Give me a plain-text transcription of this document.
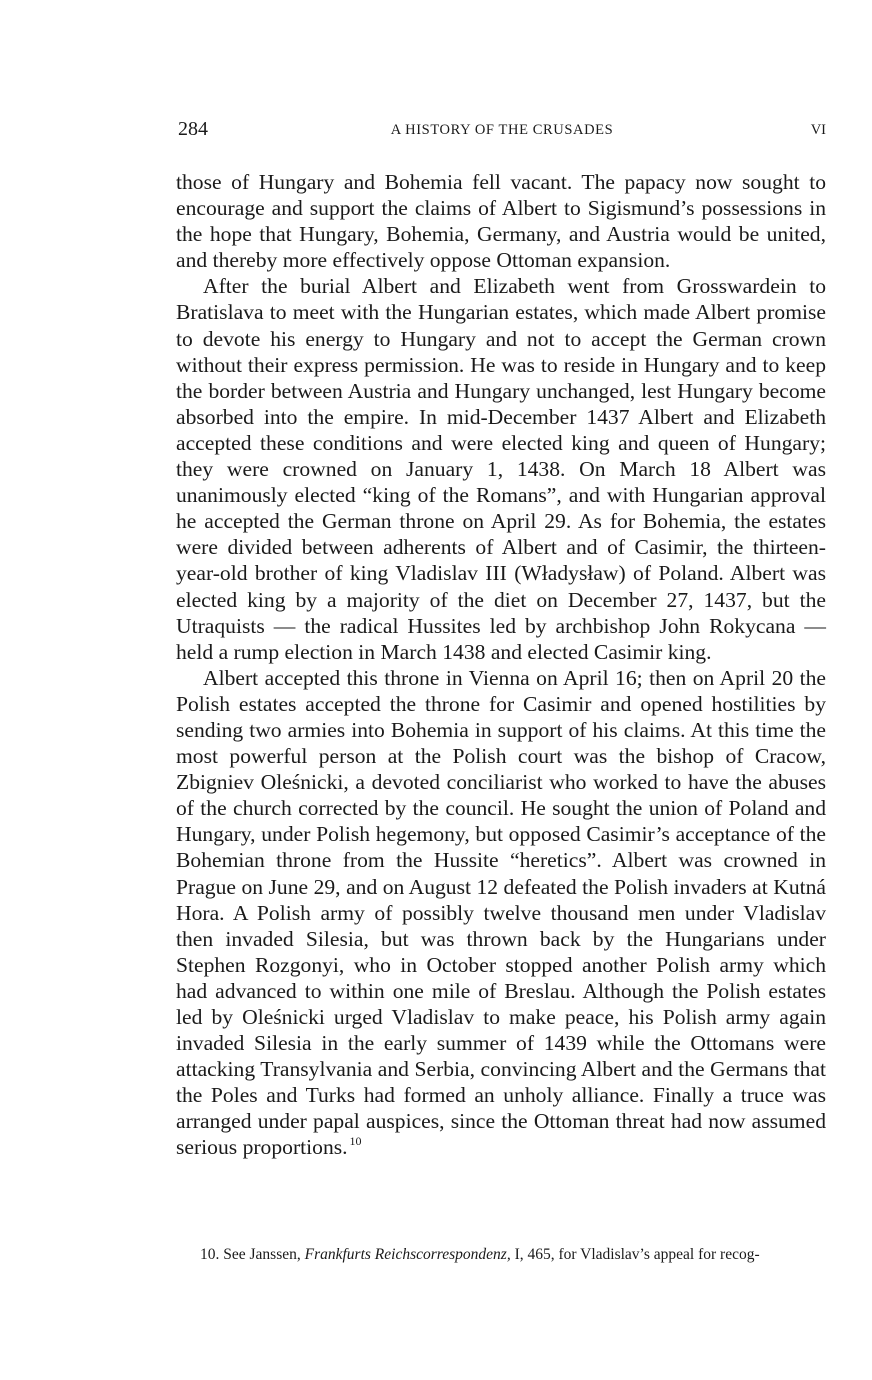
284	A HISTORY OF THE CRUSADES	VI

those of Hungary and Bohemia fell vacant. The papacy now sought to encourage and support the claims of Albert to Sigismund’s possessions in the hope that Hungary, Bohemia, Germany, and Austria would be united, and thereby more effectively oppose Ottoman expansion.

After the burial Albert and Elizabeth went from Grosswardein to Bratislava to meet with the Hungarian estates, which made Albert promise to devote his energy to Hungary and not to accept the German crown without their express permission. He was to reside in Hungary and to keep the border between Austria and Hungary unchanged, lest Hungary become absorbed into the empire. In mid-December 1437 Albert and Elizabeth accepted these conditions and were elected king and queen of Hungary; they were crowned on January 1, 1438. On March 18 Albert was unanimously elected “king of the Romans”, and with Hungarian approval he accepted the German throne on April 29. As for Bohemia, the estates were divided between adherents of Albert and of Casimir, the thirteen-year-old brother of king Vladislav III (Władysław) of Poland. Albert was elected king by a majority of the diet on December 27, 1437, but the Utraquists — the radical Hussites led by archbishop John Rokycana — held a rump election in March 1438 and elected Casimir king.

Albert accepted this throne in Vienna on April 16; then on April 20 the Polish estates accepted the throne for Casimir and opened hostilities by sending two armies into Bohemia in support of his claims. At this time the most powerful person at the Polish court was the bishop of Cracow, Zbigniev Oleśnicki, a devoted conciliarist who worked to have the abuses of the church corrected by the council. He sought the union of Poland and Hungary, under Polish hegemony, but opposed Casimir’s acceptance of the Bohemian throne from the Hussite “heretics”. Albert was crowned in Prague on June 29, and on August 12 defeated the Polish invaders at Kutná Hora. A Polish army of possibly twelve thousand men under Vladislav then invaded Silesia, but was thrown back by the Hungarians under Stephen Rozgonyi, who in October stopped another Polish army which had advanced to within one mile of Breslau. Although the Polish estates led by Oleśnicki urged Vladislav to make peace, his Polish army again invaded Silesia in the early summer of 1439 while the Ottomans were attacking Transylvania and Serbia, convincing Albert and the Germans that the Poles and Turks had formed an unholy alliance. Finally a truce was arranged under papal auspices, since the Ottoman threat had now assumed serious proportions. $^{10}$

10. See Janssen, Frankfurts Reichscorrespondenz, I, 465, for Vladislav’s appeal for recog-
